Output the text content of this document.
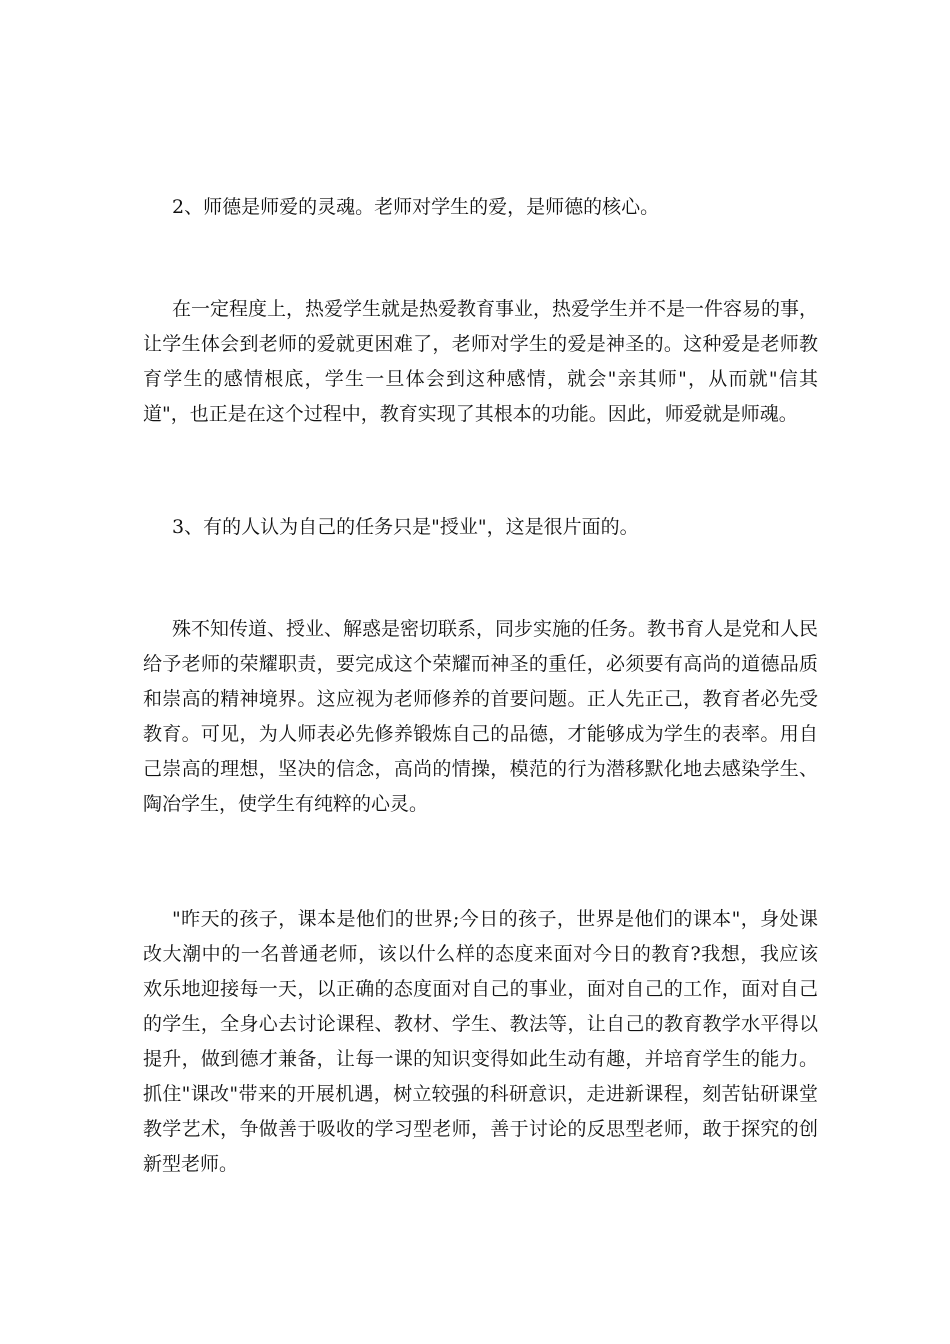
2、师德是师爱的灵魂。老师对学生的爱，是师德的核心。

在一定程度上，热爱学生就是热爱教育事业，热爱学生并不是一件容易的事，让学生体会到老师的爱就更困难了，老师对学生的爱是神圣的。这种爱是老师教育学生的感情根底，学生一旦体会到这种感情，就会"亲其师"，从而就"信其道"，也正是在这个过程中，教育实现了其根本的功能。因此，师爱就是师魂。

3、有的人认为自己的任务只是"授业"，这是很片面的。

殊不知传道、授业、解惑是密切联系，同步实施的任务。教书育人是党和人民给予老师的荣耀职责，要完成这个荣耀而神圣的重任，必须要有高尚的道德品质和崇高的精神境界。这应视为老师修养的首要问题。正人先正己，教育者必先受教育。可见，为人师表必先修养锻炼自己的品德，才能够成为学生的表率。用自己崇高的理想，坚决的信念，高尚的情操，模范的行为潜移默化地去感染学生、陶冶学生，使学生有纯粹的心灵。

"昨天的孩子，课本是他们的世界;今日的孩子，世界是他们的课本"，身处课改大潮中的一名普通老师，该以什么样的态度来面对今日的教育?我想，我应该欢乐地迎接每一天，以正确的态度面对自己的事业，面对自己的工作，面对自己的学生，全身心去讨论课程、教材、学生、教法等，让自己的教育教学水平得以提升，做到德才兼备，让每一课的知识变得如此生动有趣，并培育学生的能力。抓住"课改"带来的开展机遇，树立较强的科研意识，走进新课程，刻苦钻研课堂教学艺术，争做善于吸收的学习型老师，善于讨论的反思型老师，敢于探究的创新型老师。
